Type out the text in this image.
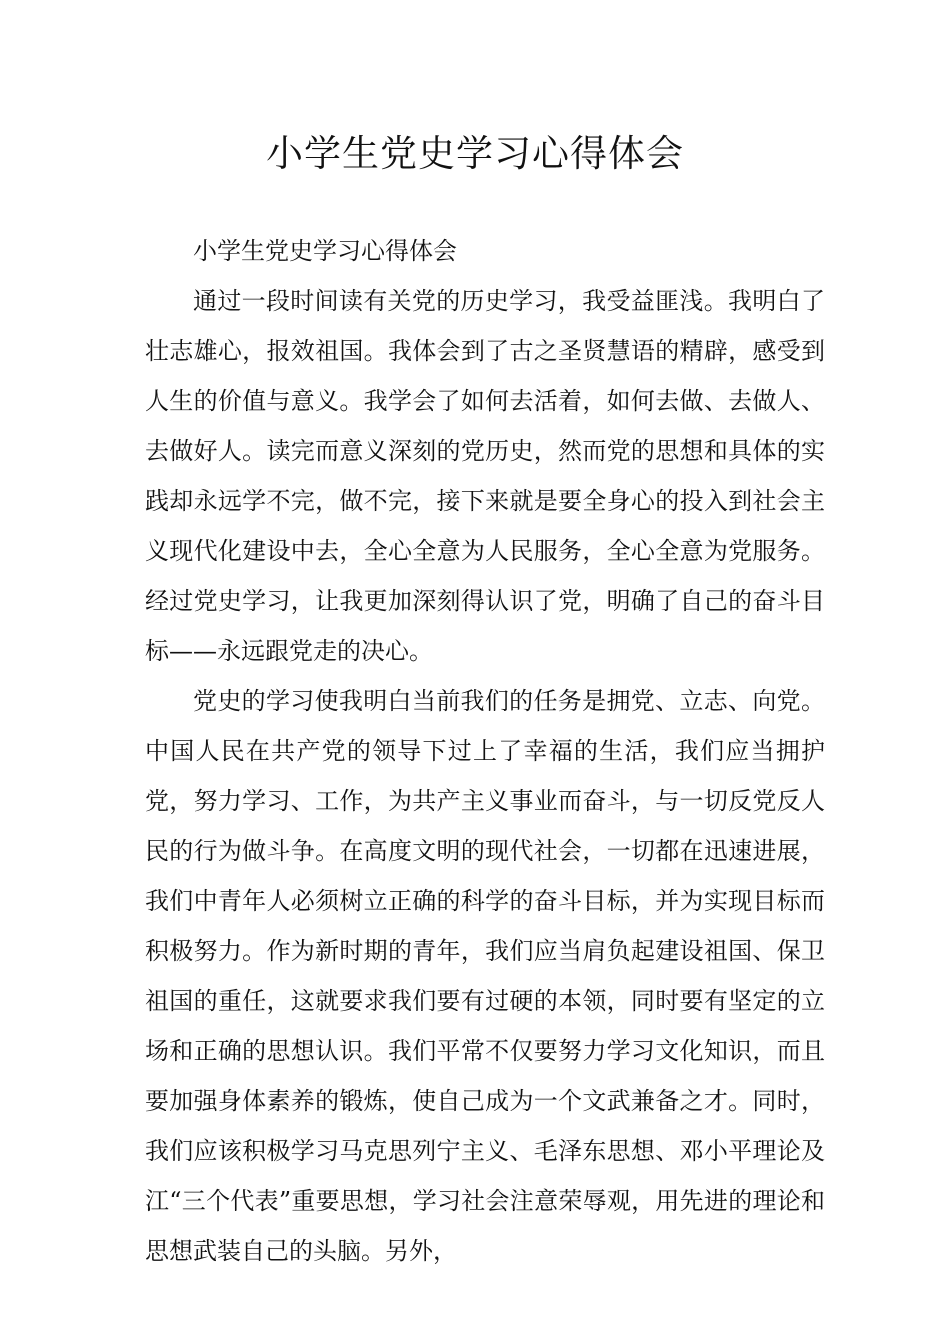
小学生党史学习心得体会

小学生党史学习心得体会

通过一段时间读有关党的历史学习，我受益匪浅。我明白了壮志雄心，报效祖国。我体会到了古之圣贤慧语的精辟，感受到人生的价值与意义。我学会了如何去活着，如何去做、去做人、去做好人。读完而意义深刻的党历史，然而党的思想和具体的实践却永远学不完，做不完，接下来就是要全身心的投入到社会主义现代化建设中去，全心全意为人民服务，全心全意为党服务。经过党史学习，让我更加深刻得认识了党，明确了自己的奋斗目标——永远跟党走的决心。

党史的学习使我明白当前我们的任务是拥党、立志、向党。中国人民在共产党的领导下过上了幸福的生活，我们应当拥护党，努力学习、工作，为共产主义事业而奋斗，与一切反党反人民的行为做斗争。在高度文明的现代社会，一切都在迅速进展，我们中青年人必须树立正确的科学的奋斗目标，并为实现目标而积极努力。作为新时期的青年，我们应当肩负起建设祖国、保卫祖国的重任，这就要求我们要有过硬的本领，同时要有坚定的立场和正确的思想认识。我们平常不仅要努力学习文化知识，而且要加强身体素养的锻炼，使自己成为一个文武兼备之才。同时，我们应该积极学习马克思列宁主义、毛泽东思想、邓小平理论及江“三个代表”重要思想，学习社会注意荣辱观，用先进的理论和思想武装自己的头脑。另外，
